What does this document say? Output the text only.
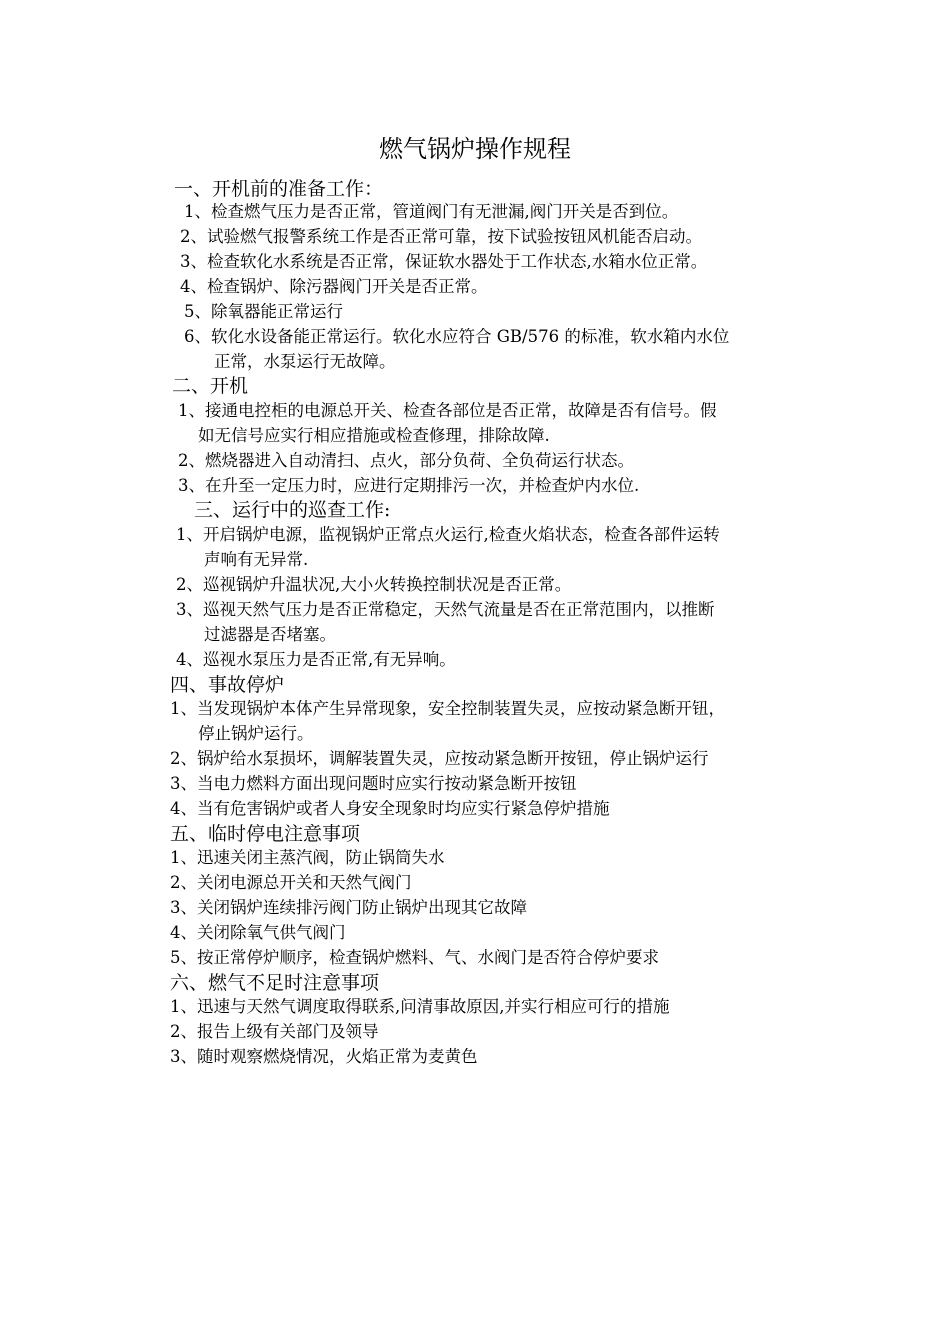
燃气锅炉操作规程
一、开机前的准备工作：
1、检查燃气压力是否正常，管道阀门有无泄漏,阀门开关是否到位。
2、试验燃气报警系统工作是否正常可靠，按下试验按钮风机能否启动。
3、检查软化水系统是否正常，保证软水器处于工作状态,水箱水位正常。
4、检查锅炉、除污器阀门开关是否正常。
5、除氧器能正常运行
6、软化水设备能正常运行。软化水应符合 GB/576 的标准，软水箱内水位
正常，水泵运行无故障。
二、开机
1、接通电控柜的电源总开关、检查各部位是否正常，故障是否有信号。假
如无信号应实行相应措施或检查修理，排除故障.
2、燃烧器进入自动清扫、点火，部分负荷、全负荷运行状态。
3、在升至一定压力时，应进行定期排污一次，并检查炉内水位.
三、运行中的巡查工作:
1、开启锅炉电源，监视锅炉正常点火运行,检查火焰状态，检查各部件运转
声响有无异常.
2、巡视锅炉升温状况,大小火转换控制状况是否正常。
3、巡视天然气压力是否正常稳定，天然气流量是否在正常范围内，以推断
过滤器是否堵塞。
4、巡视水泵压力是否正常,有无异响。
四、事故停炉
1、当发现锅炉本体产生异常现象，安全控制装置失灵，应按动紧急断开钮，
停止锅炉运行。
2、锅炉给水泵损坏，调解装置失灵，应按动紧急断开按钮，停止锅炉运行
3、当电力燃料方面出现问题时应实行按动紧急断开按钮
4、当有危害锅炉或者人身安全现象时均应实行紧急停炉措施
五、临时停电注意事项
1、迅速关闭主蒸汽阀，防止锅筒失水
2、关闭电源总开关和天然气阀门
3、关闭锅炉连续排污阀门防止锅炉出现其它故障
4、关闭除氧气供气阀门
5、按正常停炉顺序，检查锅炉燃料、气、水阀门是否符合停炉要求
六、燃气不足时注意事项
1、迅速与天然气调度取得联系,问清事故原因,并实行相应可行的措施
2、报告上级有关部门及领导
3、随时观察燃烧情况，火焰正常为麦黄色
